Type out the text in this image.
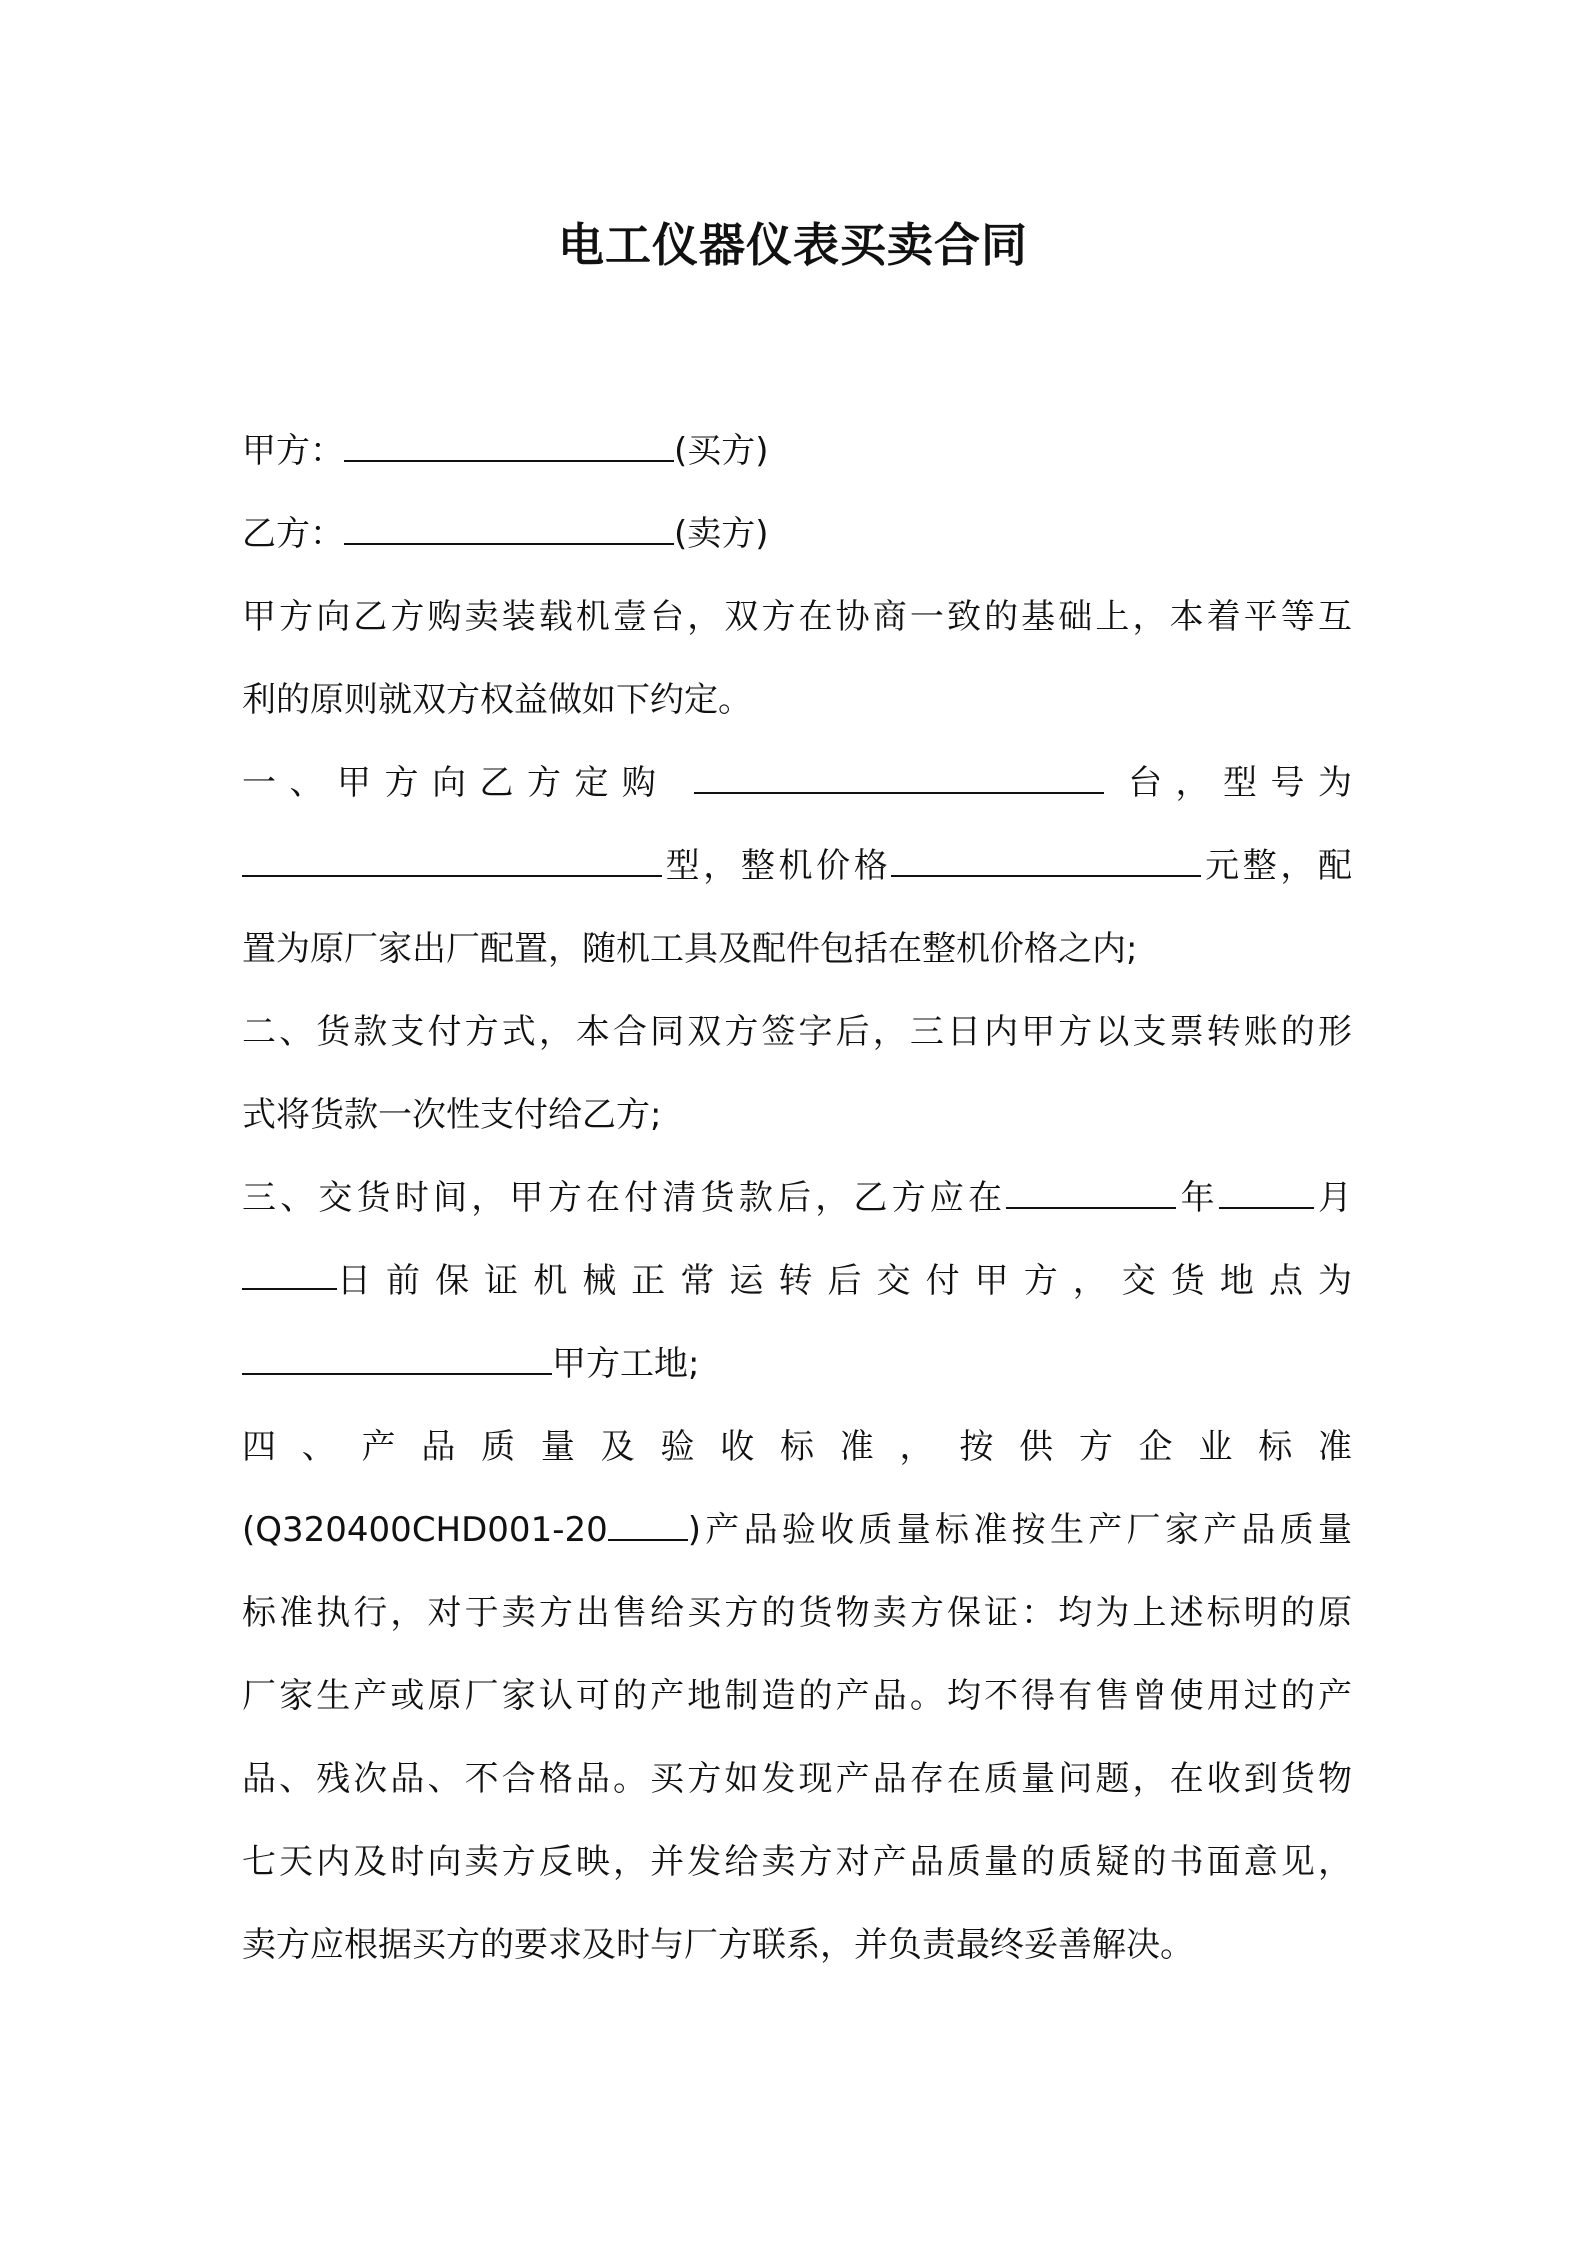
电工仪器仪表买卖合同
甲方：	(买方)
乙方：	(卖方)
甲方向乙方购卖装载机壹台，双方在协商一致的基础上，本着平等互
利的原则就双方权益做如下约定。
一、甲方向乙方定购	台，型号为
型，整机价格	元整，配
置为原厂家出厂配置，随机工具及配件包括在整机价格之内;
二、货款支付方式，本合同双方签字后，三日内甲方以支票转账的形
式将货款一次性支付给乙方;
三、交货时间，甲方在付清货款后，乙方应在	年	月
日前保证机械正常运转后交付甲方，交货地点为
甲方工地;
四、产品质量及验收标准，按供方企业标准
(Q320400CHD001-20 )产品验收质量标准按生产厂家产品质量
标准执行，对于卖方出售给买方的货物卖方保证：均为上述标明的原
厂家生产或原厂家认可的产地制造的产品。均不得有售曾使用过的产
品、残次品、不合格品。买方如发现产品存在质量问题，在收到货物
七天内及时向卖方反映，并发给卖方对产品质量的质疑的书面意见，
卖方应根据买方的要求及时与厂方联系，并负责最终妥善解决。
